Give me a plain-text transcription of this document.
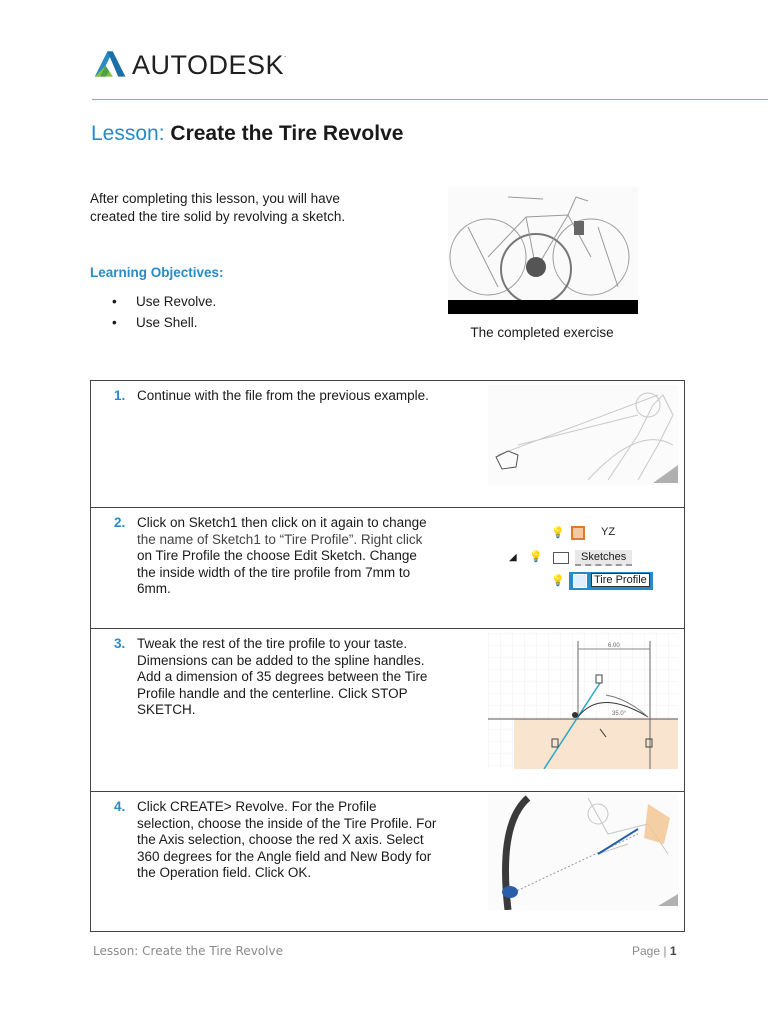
AUTODESK.
Lesson: Create the Tire Revolve
After completing this lesson, you will have created the tire solid by revolving a sketch.
Learning Objectives:
• Use Revolve.
• Use Shell.
The completed exercise
1. Continue with the file from the previous example.

2. Click on Sketch1 then click on it again to change the name of Sketch1 to “Tire Profile”. Right click on Tire Profile the choose Edit Sketch. Change the inside width of the tire profile from 7mm to 6mm.
💡	YZ
◢ 💡	Sketches
💡	Tire Profile

3. Tweak the rest of the tire profile to your taste. Dimensions can be added to the spline handles. Add a dimension of 35 degrees between the Tire Profile handle and the centerline. Click STOP SKETCH.
6.00
35.0°

4. Click CREATE> Revolve. For the Profile selection, choose the inside of the Tire Profile. For the Axis selection, choose the red X axis. Select 360 degrees for the Angle field and New Body for the Operation field. Click OK.
Lesson: Create the Tire Revolve	Page | 1
